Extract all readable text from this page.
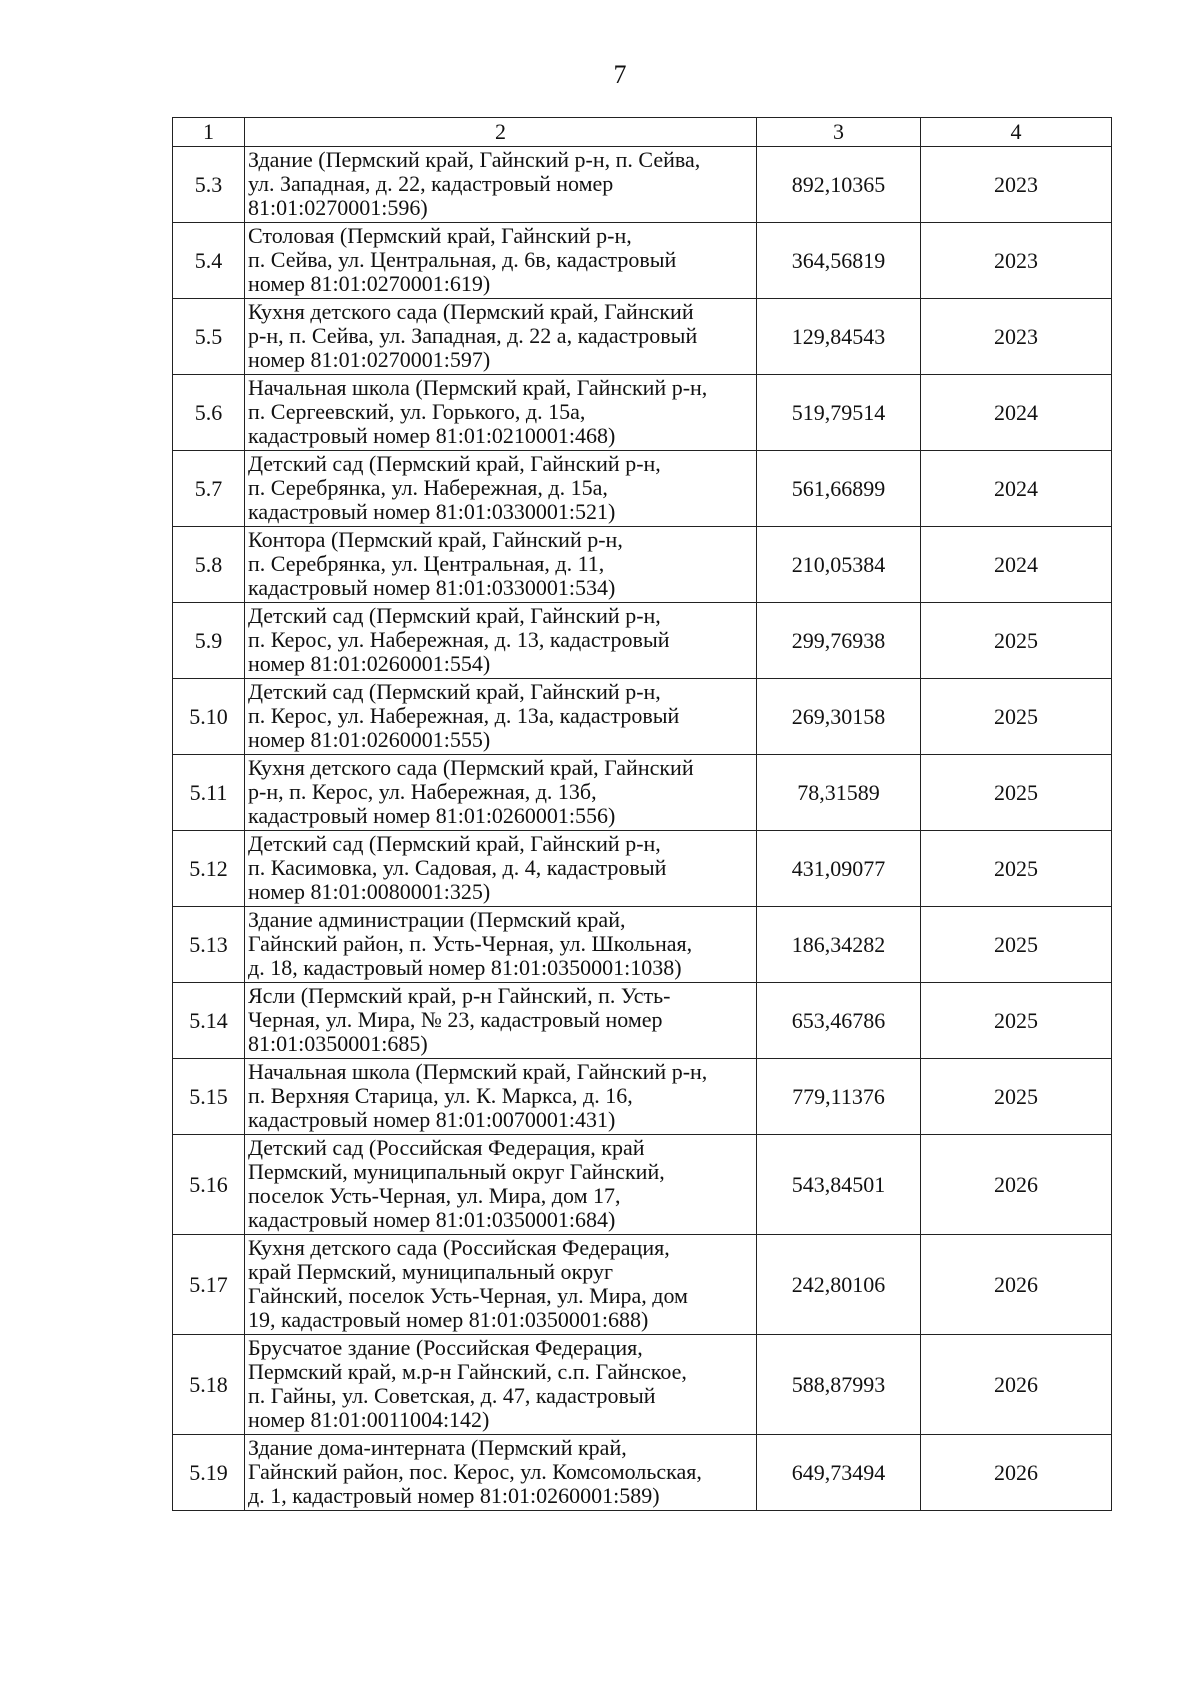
7
1	2	3	4
5.3	Здание (Пермский край, Гайнский р-н, п. Сейва,
ул. Западная, д. 22, кадастровый номер
81:01:0270001:596)	892,10365	2023
5.4	Столовая (Пермский край, Гайнский р-н,
п. Сейва, ул. Центральная, д. 6в, кадастровый
номер 81:01:0270001:619)	364,56819	2023
5.5	Кухня детского сада (Пермский край, Гайнский
р-н, п. Сейва, ул. Западная, д. 22 а, кадастровый
номер 81:01:0270001:597)	129,84543	2023
5.6	Начальная школа (Пермский край, Гайнский р-н,
п. Сергеевский, ул. Горького, д. 15а,
кадастровый номер 81:01:0210001:468)	519,79514	2024
5.7	Детский сад (Пермский край, Гайнский р-н,
п. Серебрянка, ул. Набережная, д. 15а,
кадастровый номер 81:01:0330001:521)	561,66899	2024
5.8	Контора (Пермский край, Гайнский р-н,
п. Серебрянка, ул. Центральная, д. 11,
кадастровый номер 81:01:0330001:534)	210,05384	2024
5.9	Детский сад (Пермский край, Гайнский р-н,
п. Керос, ул. Набережная, д. 13, кадастровый
номер 81:01:0260001:554)	299,76938	2025
5.10	Детский сад (Пермский край, Гайнский р-н,
п. Керос, ул. Набережная, д. 13а, кадастровый
номер 81:01:0260001:555)	269,30158	2025
5.11	Кухня детского сада (Пермский край, Гайнский
р-н, п. Керос, ул. Набережная, д. 13б,
кадастровый номер 81:01:0260001:556)	78,31589	2025
5.12	Детский сад (Пермский край, Гайнский р-н,
п. Касимовка, ул. Садовая, д. 4, кадастровый
номер 81:01:0080001:325)	431,09077	2025
5.13	Здание администрации (Пермский край,
Гайнский район, п. Усть-Черная, ул. Школьная,
д. 18, кадастровый номер 81:01:0350001:1038)	186,34282	2025
5.14	Ясли (Пермский край, р-н Гайнский, п. Усть-
Черная, ул. Мира, № 23, кадастровый номер
81:01:0350001:685)	653,46786	2025
5.15	Начальная школа (Пермский край, Гайнский р-н,
п. Верхняя Старица, ул. К. Маркса, д. 16,
кадастровый номер 81:01:0070001:431)	779,11376	2025
5.16	Детский сад (Российская Федерация, край
Пермский, муниципальный округ Гайнский,
поселок Усть-Черная, ул. Мира, дом 17,
кадастровый номер 81:01:0350001:684)	543,84501	2026
5.17	Кухня детского сада (Российская Федерация,
край Пермский, муниципальный округ
Гайнский, поселок Усть-Черная, ул. Мира, дом
19, кадастровый номер 81:01:0350001:688)	242,80106	2026
5.18	Брусчатое здание (Российская Федерация,
Пермский край, м.р-н Гайнский, с.п. Гайнское,
п. Гайны, ул. Советская, д. 47, кадастровый
номер 81:01:0011004:142)	588,87993	2026
5.19	Здание дома-интерната (Пермский край,
Гайнский район, пос. Керос, ул. Комсомольская,
д. 1, кадастровый номер 81:01:0260001:589)	649,73494	2026
